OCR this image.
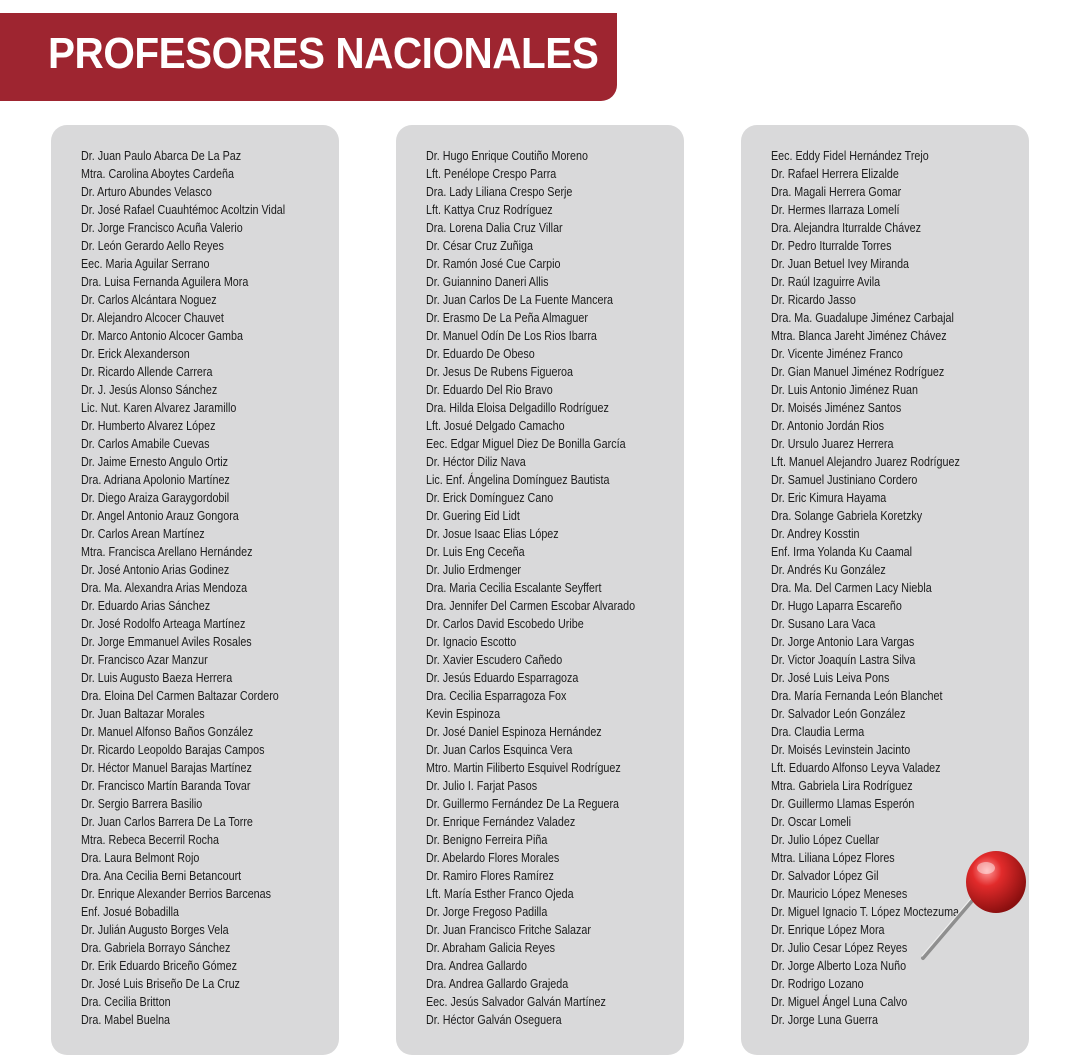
PROFESORES NACIONALES
Dr. Juan Paulo Abarca De La Paz
Mtra. Carolina Aboytes Cardeña
Dr. Arturo Abundes Velasco
Dr. José Rafael Cuauhtémoc Acoltzin Vidal
Dr. Jorge Francisco Acuña Valerio
Dr. León Gerardo Aello Reyes
Eec. Maria Aguilar Serrano
Dra. Luisa Fernanda Aguilera Mora
Dr. Carlos Alcántara Noguez
Dr. Alejandro Alcocer Chauvet
Dr. Marco Antonio Alcocer Gamba
Dr. Erick Alexanderson
Dr. Ricardo Allende Carrera
Dr. J. Jesús Alonso Sánchez
Lic. Nut. Karen Alvarez Jaramillo
Dr. Humberto Alvarez López
Dr. Carlos Amabile Cuevas
Dr. Jaime Ernesto Angulo Ortiz
Dra. Adriana Apolonio Martínez
Dr. Diego Araiza Garaygordobil
Dr. Angel Antonio Arauz Gongora
Dr. Carlos Arean Martínez
Mtra. Francisca Arellano Hernández
Dr. José Antonio Arias Godinez
Dra. Ma. Alexandra Arias Mendoza
Dr. Eduardo Arias Sánchez
Dr. José Rodolfo Arteaga Martínez
Dr. Jorge Emmanuel Aviles Rosales
Dr. Francisco Azar Manzur
Dr. Luis Augusto Baeza Herrera
Dra. Eloina Del Carmen Baltazar Cordero
Dr. Juan Baltazar Morales
Dr. Manuel Alfonso Baños González
Dr. Ricardo Leopoldo Barajas Campos
Dr. Héctor Manuel Barajas Martínez
Dr. Francisco Martín Baranda Tovar
Dr. Sergio Barrera Basilio
Dr. Juan Carlos Barrera De La Torre
Mtra. Rebeca Becerril Rocha
Dra. Laura Belmont Rojo
Dra. Ana Cecilia Berni Betancourt
Dr. Enrique Alexander Berrios Barcenas
Enf. Josué Bobadilla
Dr. Julián Augusto Borges Vela
Dra. Gabriela Borrayo Sánchez
Dr. Erik Eduardo Briceño Gómez
Dr. José Luis Briseño De La Cruz
Dra. Cecilia Britton
Dra. Mabel Buelna
Dr. Hugo Enrique Coutiño Moreno
Lft. Penélope Crespo Parra
Dra. Lady Liliana Crespo Serje
Lft. Kattya Cruz Rodríguez
Dra. Lorena Dalia Cruz Villar
Dr. César Cruz Zuñiga
Dr. Ramón José Cue Carpio
Dr. Guiannino Daneri Allis
Dr. Juan Carlos De La Fuente Mancera
Dr. Erasmo De La Peña Almaguer
Dr. Manuel Odín De Los Rios Ibarra
Dr. Eduardo De Obeso
Dr. Jesus De Rubens Figueroa
Dr. Eduardo Del Rio Bravo
Dra. Hilda Eloisa Delgadillo Rodríguez
Lft. Josué Delgado Camacho
Eec. Edgar Miguel Diez De Bonilla García
Dr. Héctor Diliz Nava
Lic. Enf. Ángelina Domínguez Bautista
Dr. Erick Domínguez Cano
Dr. Guering Eid Lidt
Dr. Josue Isaac Elias López
Dr. Luis Eng Ceceña
Dr. Julio Erdmenger
Dra. Maria Cecilia Escalante Seyffert
Dra. Jennifer Del Carmen Escobar Alvarado
Dr. Carlos David Escobedo Uribe
Dr. Ignacio Escotto
Dr. Xavier Escudero Cañedo
Dr. Jesús Eduardo Esparragoza
Dra. Cecilia Esparragoza Fox
Kevin Espinoza
Dr. José Daniel Espinoza Hernández
Dr. Juan Carlos Esquinca Vera
Mtro. Martin Filiberto Esquivel Rodríguez
Dr. Julio I. Farjat Pasos
Dr. Guillermo Fernández De La Reguera
Dr. Enrique Fernández Valadez
Dr. Benigno Ferreira Piña
Dr. Abelardo Flores Morales
Dr. Ramiro Flores Ramírez
Lft. María Esther Franco Ojeda
Dr. Jorge Fregoso Padilla
Dr. Juan Francisco Fritche Salazar
Dr. Abraham Galicia Reyes
Dra. Andrea Gallardo
Dra. Andrea Gallardo Grajeda
Eec. Jesús Salvador Galván Martínez
Dr. Héctor Galván Oseguera
Eec. Eddy Fidel Hernández Trejo
Dr. Rafael Herrera Elizalde
Dra. Magali Herrera Gomar
Dr. Hermes Ilarraza Lomelí
Dra. Alejandra Iturralde Chávez
Dr. Pedro Iturralde Torres
Dr. Juan Betuel Ivey Miranda
Dr. Raúl Izaguirre Avila
Dr. Ricardo Jasso
Dra. Ma. Guadalupe Jiménez Carbajal
Mtra. Blanca Jareht Jiménez Chávez
Dr. Vicente Jiménez Franco
Dr. Gian Manuel Jiménez Rodríguez
Dr. Luis Antonio Jiménez Ruan
Dr. Moisés Jiménez Santos
Dr. Antonio Jordán Rios
Dr. Ursulo Juarez Herrera
Lft. Manuel Alejandro Juarez Rodríguez
Dr. Samuel Justiniano Cordero
Dr. Eric Kimura Hayama
Dra. Solange Gabriela Koretzky
Dr. Andrey Kosstin
Enf. Irma Yolanda Ku Caamal
Dr. Andrés Ku González
Dra. Ma. Del Carmen Lacy Niebla
Dr. Hugo Laparra Escareño
Dr. Susano Lara Vaca
Dr. Jorge Antonio Lara Vargas
Dr. Victor Joaquín Lastra Silva
Dr. José Luis Leiva Pons
Dra. María Fernanda León Blanchet
Dr. Salvador León González
Dra. Claudia Lerma
Dr. Moisés Levinstein Jacinto
Lft. Eduardo Alfonso Leyva Valadez
Mtra. Gabriela Lira Rodríguez
Dr. Guillermo Llamas Esperón
Dr. Oscar Lomeli
Dr. Julio López Cuellar
Mtra. Liliana López Flores
Dr. Salvador López Gil
Dr. Mauricio López Meneses
Dr. Miguel Ignacio T. López Moctezuma
Dr. Enrique López Mora
Dr. Julio Cesar López Reyes
Dr. Jorge Alberto Loza Nuño
Dr. Rodrigo Lozano
Dr. Miguel Ángel Luna Calvo
Dr. Jorge Luna Guerra
